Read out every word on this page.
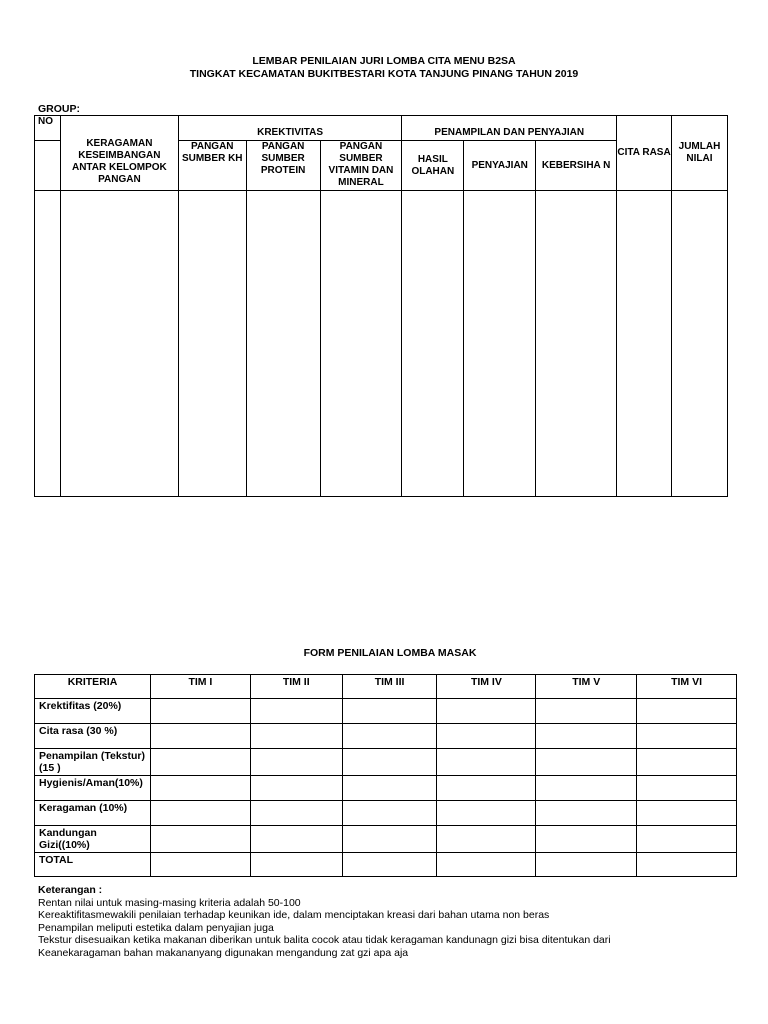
LEMBAR PENILAIAN JURI LOMBA CITA MENU B2SA
TINGKAT KECAMATAN BUKITBESTARI KOTA TANJUNG PINANG TAHUN 2019
GROUP:
NO	KERAGAMAN KESEIMBANGAN ANTAR KELOMPOK PANGAN	KREKTIVITAS			PENAMPILAN DAN PENYAJIAN			CITA RASA	JUMLAH NILAI
		PANGAN SUMBER KH	PANGAN SUMBER PROTEIN	PANGAN SUMBER VITAMIN DAN MINERAL	HASIL OLAHAN	PENYAJIAN	KEBERSIHA N		

FORM PENILAIAN LOMBA MASAK
KRITERIA	TIM I	TIM II	TIM III	TIM IV	TIM V	TIM VI
Krektifitas (20%)						
Cita rasa (30 %)						
Penampilan (Tekstur) (15 )						
Hygienis/Aman(10%)						
Keragaman (10%)						
Kandungan Gizi((10%)						
TOTAL						
Keterangan :
Rentan nilai untuk masing-masing kriteria adalah 50-100
Kereaktifitasmewakili penilaian terhadap keunikan ide, dalam menciptakan kreasi dari bahan utama non beras
Penampilan meliputi estetika dalam penyajian juga
Tekstur disesuaikan ketika makanan diberikan untuk balita cocok atau tidak keragaman kandunagn gizi bisa ditentukan dari
Keanekaragaman bahan makananyang digunakan mengandung zat gzi apa aja
